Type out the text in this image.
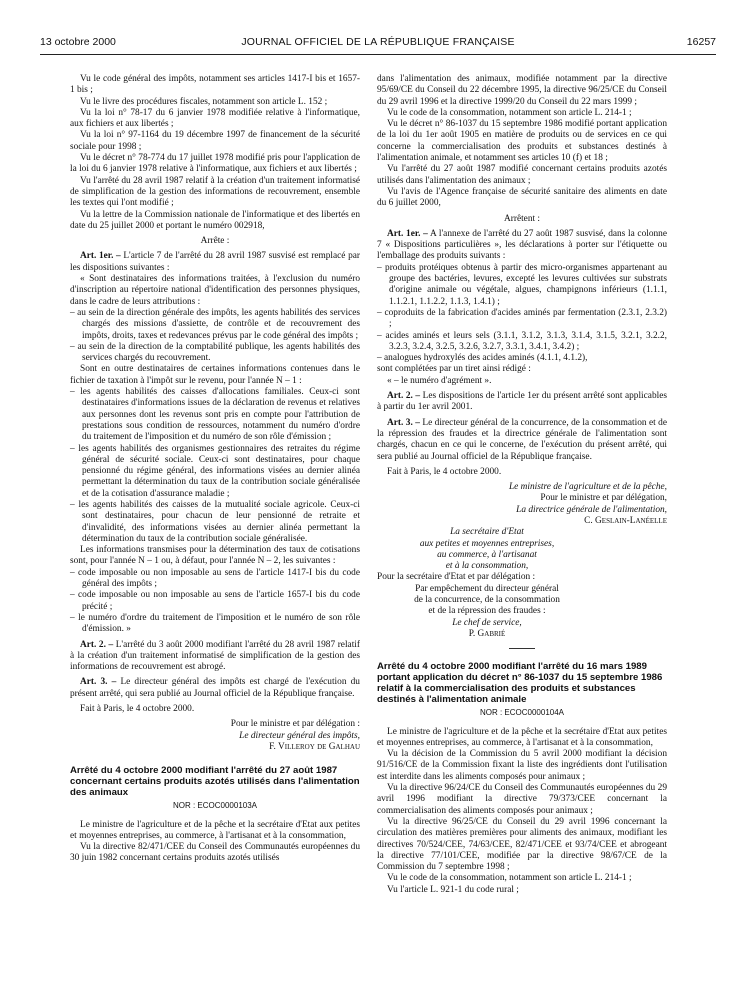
13 octobre 2000	JOURNAL OFFICIEL DE LA RÉPUBLIQUE FRANÇAISE	16257

Vu le code général des impôts, notamment ses articles 1417-I bis et 1657-1 bis ;

Vu le livre des procédures fiscales, notamment son article L. 152 ;

Vu la loi n° 78-17 du 6 janvier 1978 modifiée relative à l'informatique, aux fichiers et aux libertés ;

Vu la loi n° 97-1164 du 19 décembre 1997 de financement de la sécurité sociale pour 1998 ;

Vu le décret n° 78-774 du 17 juillet 1978 modifié pris pour l'application de la loi du 6 janvier 1978 relative à l'informatique, aux fichiers et aux libertés ;

Vu l'arrêté du 28 avril 1987 relatif à la création d'un traitement informatisé de simplification de la gestion des informations de recouvrement, ensemble les textes qui l'ont modifié ;

Vu la lettre de la Commission nationale de l'informatique et des libertés en date du 25 juillet 2000 et portant le numéro 002918,

Arrête :

Art. 1er. – L'article 7 de l'arrêté du 28 avril 1987 susvisé est remplacé par les dispositions suivantes :

« Sont destinataires des informations traitées, à l'exclusion du numéro d'inscription au répertoire national d'identification des personnes physiques, dans le cadre de leurs attributions :

– au sein de la direction générale des impôts, les agents habilités des services chargés des missions d'assiette, de contrôle et de recouvrement des impôts, droits, taxes et redevances prévus par le code général des impôts ;

– au sein de la direction de la comptabilité publique, les agents habilités des services chargés du recouvrement.

Sont en outre destinataires de certaines informations contenues dans le fichier de taxation à l'impôt sur le revenu, pour l'année N – 1 :

– les agents habilités des caisses d'allocations familiales. Ceux-ci sont destinataires d'informations issues de la déclaration de revenus et relatives aux personnes dont les revenus sont pris en compte pour l'attribution de prestations sous condition de ressources, notamment du numéro d'ordre du traitement de l'imposition et du numéro de son rôle d'émission ;

– les agents habilités des organismes gestionnaires des retraites du régime général de sécurité sociale. Ceux-ci sont destinataires, pour chaque pensionné du régime général, des informations visées au dernier alinéa permettant la détermination du taux de la contribution sociale généralisée et de la cotisation d'assurance maladie ;

– les agents habilités des caisses de la mutualité sociale agricole. Ceux-ci sont destinataires, pour chacun de leur pensionné de retraite et d'invalidité, des informations visées au dernier alinéa permettant la détermination du taux de la contribution sociale généralisée.

Les informations transmises pour la détermination des taux de cotisations sont, pour l'année N – 1 ou, à défaut, pour l'année N – 2, les suivantes :

– code imposable ou non imposable au sens de l'article 1417-I bis du code général des impôts ;

– code imposable ou non imposable au sens de l'article 1657-I bis du code précité ;

– le numéro d'ordre du traitement de l'imposition et le numéro de son rôle d'émission. »

Art. 2. – L'arrêté du 3 août 2000 modifiant l'arrêté du 28 avril 1987 relatif à la création d'un traitement informatisé de simplification de la gestion des informations de recouvrement est abrogé.

Art. 3. – Le directeur général des impôts est chargé de l'exécution du présent arrêté, qui sera publié au Journal officiel de la République française.

Fait à Paris, le 4 octobre 2000.

Pour le ministre et par délégation :

Le directeur général des impôts,

F. Villeroy de Galhau

Arrêté du 4 octobre 2000 modifiant l'arrêté du 27 août 1987 concernant certains produits azotés utilisés dans l'alimentation des animaux
NOR : ECOC0000103A

Le ministre de l'agriculture et de la pêche et la secrétaire d'Etat aux petites et moyennes entreprises, au commerce, à l'artisanat et à la consommation,

Vu la directive 82/471/CEE du Conseil des Communautés européennes du 30 juin 1982 concernant certains produits azotés utilisés

dans l'alimentation des animaux, modifiée notamment par la directive 95/69/CE du Conseil du 22 décembre 1995, la directive 96/25/CE du Conseil du 29 avril 1996 et la directive 1999/20 du Conseil du 22 mars 1999 ;

Vu le code de la consommation, notamment son article L. 214-1 ;

Vu le décret n° 86-1037 du 15 septembre 1986 modifié portant application de la loi du 1er août 1905 en matière de produits ou de services en ce qui concerne la commercialisation des produits et substances destinés à l'alimentation animale, et notamment ses articles 10 (f) et 18 ;

Vu l'arrêté du 27 août 1987 modifié concernant certains produits azotés utilisés dans l'alimentation des animaux ;

Vu l'avis de l'Agence française de sécurité sanitaire des aliments en date du 6 juillet 2000,

Arrêtent :

Art. 1er. – A l'annexe de l'arrêté du 27 août 1987 susvisé, dans la colonne 7 « Dispositions particulières », les déclarations à porter sur l'étiquette ou l'emballage des produits suivants :

– produits protéiques obtenus à partir des micro-organismes appartenant au groupe des bactéries, levures, excepté les levures cultivées sur substrats d'origine animale ou végétale, algues, champignons inférieurs (1.1.1, 1.1.2.1, 1.1.2.2, 1.1.3, 1.4.1) ;

– coproduits de la fabrication d'acides aminés par fermentation (2.3.1, 2.3.2) ;

– acides aminés et leurs sels (3.1.1, 3.1.2, 3.1.3, 3.1.4, 3.1.5, 3.2.1, 3.2.2, 3.2.3, 3.2.4, 3.2.5, 3.2.6, 3.2.7, 3.3.1, 3.4.1, 3.4.2) ;

– analogues hydroxylés des acides aminés (4.1.1, 4.1.2),

sont complétées par un tiret ainsi rédigé :

« – le numéro d'agrément ».

Art. 2. – Les dispositions de l'article 1er du présent arrêté sont applicables à partir du 1er avril 2001.

Art. 3. – Le directeur général de la concurrence, de la consommation et de la répression des fraudes et la directrice générale de l'alimentation sont chargés, chacun en ce qui le concerne, de l'exécution du présent arrêté, qui sera publié au Journal officiel de la République française.

Fait à Paris, le 4 octobre 2000.

Le ministre de l'agriculture et de la pêche,

Pour le ministre et par délégation,

La directrice générale de l'alimentation,

C. Geslain-Lanéelle

La secrétaire d'Etat
aux petites et moyennes entreprises,
au commerce, à l'artisanat
et à la consommation,

Pour la secrétaire d'Etat et par délégation :

Par empêchement du directeur général
de la concurrence, de la consommation
et de la répression des fraudes :
Le chef de service,
P. Gabrié
Arrêté du 4 octobre 2000 modifiant l'arrêté du 16 mars 1989 portant application du décret n° 86-1037 du 15 septembre 1986 relatif à la commercialisation des produits et substances destinés à l'alimentation animale
NOR : ECOC0000104A

Le ministre de l'agriculture et de la pêche et la secrétaire d'Etat aux petites et moyennes entreprises, au commerce, à l'artisanat et à la consommation,

Vu la décision de la Commission du 5 avril 2000 modifiant la décision 91/516/CE de la Commission fixant la liste des ingrédients dont l'utilisation est interdite dans les aliments composés pour animaux ;

Vu la directive 96/24/CE du Conseil des Communautés européennes du 29 avril 1996 modifiant la directive 79/373/CEE concernant la commercialisation des aliments composés pour animaux ;

Vu la directive 96/25/CE du Conseil du 29 avril 1996 concernant la circulation des matières premières pour aliments des animaux, modifiant les directives 70/524/CEE, 74/63/CEE, 82/471/CEE et 93/74/CEE et abrogeant la directive 77/101/CEE, modifiée par la directive 98/67/CE de la Commission du 7 septembre 1998 ;

Vu le code de la consommation, notamment son article L. 214-1 ;

Vu l'article L. 921-1 du code rural ;
